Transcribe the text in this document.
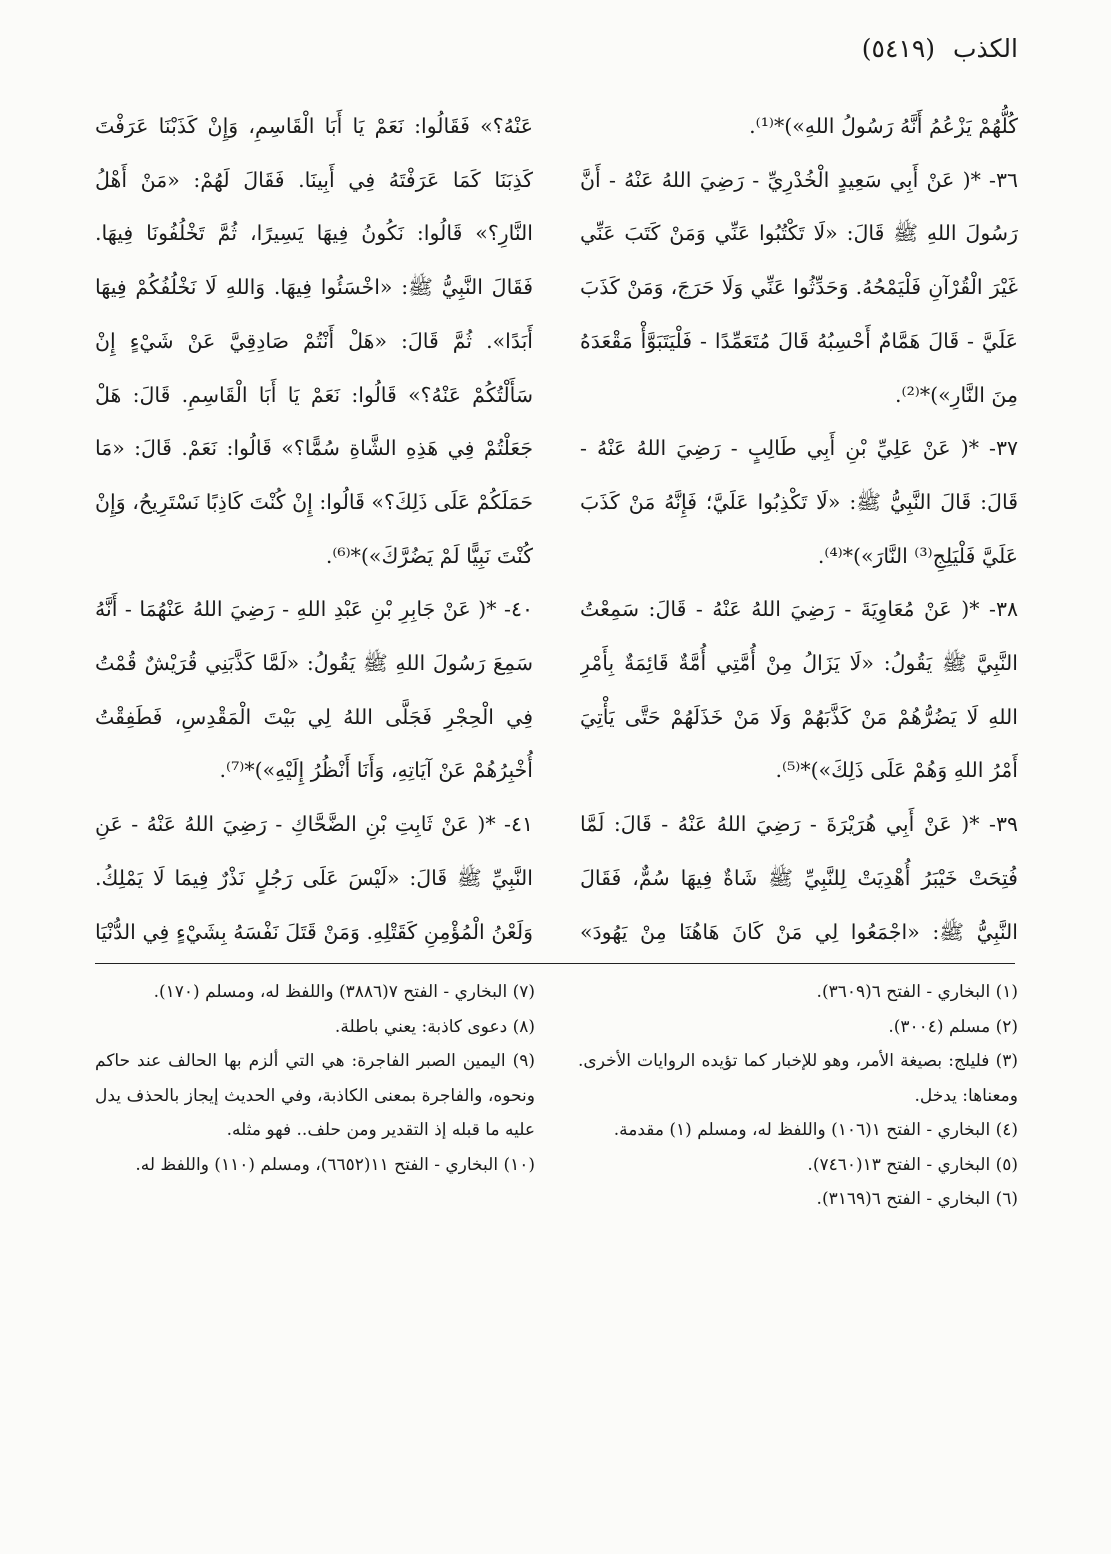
الكذب (٥٤١٩)

كُلُّهُمْ يَزْعُمُ أَنَّهُ رَسُولُ اللهِ»)*⁽¹⁾.

٣٦- *( عَنْ أَبِي سَعِيدٍ الْخُدْرِيِّ - رَضِيَ اللهُ عَنْهُ - أَنَّ رَسُولَ اللهِ ﷺ قَالَ: «لَا تَكْتُبُوا عَنِّي وَمَنْ كَتَبَ عَنِّي غَيْرَ الْقُرْآنِ فَلْيَمْحُهُ. وَحَدِّثُوا عَنِّي وَلَا حَرَجَ، وَمَنْ كَذَبَ عَلَيَّ - قَالَ هَمَّامٌ أَحْسِبُهُ قَالَ مُتَعَمِّدًا - فَلْيَتَبَوَّأْ مَقْعَدَهُ مِنَ النَّارِ»)*⁽²⁾.

٣٧- *( عَنْ عَلِيِّ بْنِ أَبِي طَالِبٍ - رَضِيَ اللهُ عَنْهُ - قَالَ: قَالَ النَّبِيُّ ﷺ: «لَا تَكْذِبُوا عَلَيَّ؛ فَإِنَّهُ مَنْ كَذَبَ عَلَيَّ فَلْيَلِجِ⁽³⁾ النَّارَ»)*⁽⁴⁾.

٣٨- *( عَنْ مُعَاوِيَةَ - رَضِيَ اللهُ عَنْهُ - قَالَ: سَمِعْتُ النَّبِيَّ ﷺ يَقُولُ: «لَا يَزَالُ مِنْ أُمَّتِي أُمَّةٌ قَائِمَةٌ بِأَمْرِ اللهِ لَا يَضُرُّهُمْ مَنْ كَذَّبَهُمْ وَلَا مَنْ خَذَلَهُمْ حَتَّى يَأْتِيَ أَمْرُ اللهِ وَهُمْ عَلَى ذَلِكَ»)*⁽⁵⁾.

٣٩- *( عَنْ أَبِي هُرَيْرَةَ - رَضِيَ اللهُ عَنْهُ - قَالَ: لَمَّا فُتِحَتْ خَيْبَرُ أُهْدِيَتْ لِلنَّبِيِّ ﷺ شَاةٌ فِيهَا سُمٌّ، فَقَالَ النَّبِيُّ ﷺ: «اجْمَعُوا لِي مَنْ كَانَ هَاهُنَا مِنْ يَهُودَ»

عَنْهُ؟» فَقَالُوا: نَعَمْ يَا أَبَا الْقَاسِمِ، وَإِنْ كَذَبْنَا عَرَفْتَ كَذِبَنَا كَمَا عَرَفْتَهُ فِي أَبِينَا. فَقَالَ لَهُمْ: «مَنْ أَهْلُ النَّارِ؟» قَالُوا: نَكُونُ فِيهَا يَسِيرًا، ثُمَّ تَخْلُفُونَا فِيهَا. فَقَالَ النَّبِيُّ ﷺ: «اخْسَئُوا فِيهَا. وَاللهِ لَا نَخْلُفُكُمْ فِيهَا أَبَدًا». ثُمَّ قَالَ: «هَلْ أَنْتُمْ صَادِقِيَّ عَنْ شَيْءٍ إِنْ سَأَلْتُكُمْ عَنْهُ؟» قَالُوا: نَعَمْ يَا أَبَا الْقَاسِمِ. قَالَ: هَلْ جَعَلْتُمْ فِي هَذِهِ الشَّاةِ سُمًّا؟» قَالُوا: نَعَمْ. قَالَ: «مَا حَمَلَكُمْ عَلَى ذَلِكَ؟» قَالُوا: إِنْ كُنْتَ كَاذِبًا نَسْتَرِيحُ، وَإِنْ كُنْتَ نَبِيًّا لَمْ يَضُرَّكَ»)*⁽⁶⁾.

٤٠- *( عَنْ جَابِرِ بْنِ عَبْدِ اللهِ - رَضِيَ اللهُ عَنْهُمَا - أَنَّهُ سَمِعَ رَسُولَ اللهِ ﷺ يَقُولُ: «لَمَّا كَذَّبَنِي قُرَيْشٌ قُمْتُ فِي الْحِجْرِ فَجَلَّى اللهُ لِي بَيْتَ الْمَقْدِسِ، فَطَفِقْتُ أُخْبِرُهُمْ عَنْ آيَاتِهِ، وَأَنَا أَنْظُرُ إِلَيْهِ»)*⁽⁷⁾.

٤١- *( عَنْ ثَابِتِ بْنِ الضَّحَّاكِ - رَضِيَ اللهُ عَنْهُ - عَنِ النَّبِيِّ ﷺ قَالَ: «لَيْسَ عَلَى رَجُلٍ نَذْرٌ فِيمَا لَا يَمْلِكُ. وَلَعْنُ الْمُؤْمِنِ كَقَتْلِهِ. وَمَنْ قَتَلَ نَفْسَهُ بِشَيْءٍ فِي الدُّنْيَا

(١) البخاري - الفتح ٦(٣٦٠٩).
(٢) مسلم (٣٠٠٤).
(٣) فليلج: بصيغة الأمر، وهو للإخبار كما تؤيده الروايات الأخرى. ومعناها: يدخل.
(٤) البخاري - الفتح ١(١٠٦) واللفظ له، ومسلم (١) مقدمة.
(٥) البخاري - الفتح ١٣(٧٤٦٠).
(٦) البخاري - الفتح ٦(٣١٦٩).
(٧) البخاري - الفتح ٧(٣٨٨٦) واللفظ له، ومسلم (١٧٠).
(٨) دعوى كاذبة: يعني باطلة.
(٩) اليمين الصبر الفاجرة: هي التي ألزم بها الحالف عند حاكم ونحوه، والفاجرة بمعنى الكاذبة، وفي الحديث إيجاز بالحذف يدل عليه ما قبله إذ التقدير ومن حلف.. فهو مثله.
(١٠) البخاري - الفتح ١١(٦٦٥٢)، ومسلم (١١٠) واللفظ له.
